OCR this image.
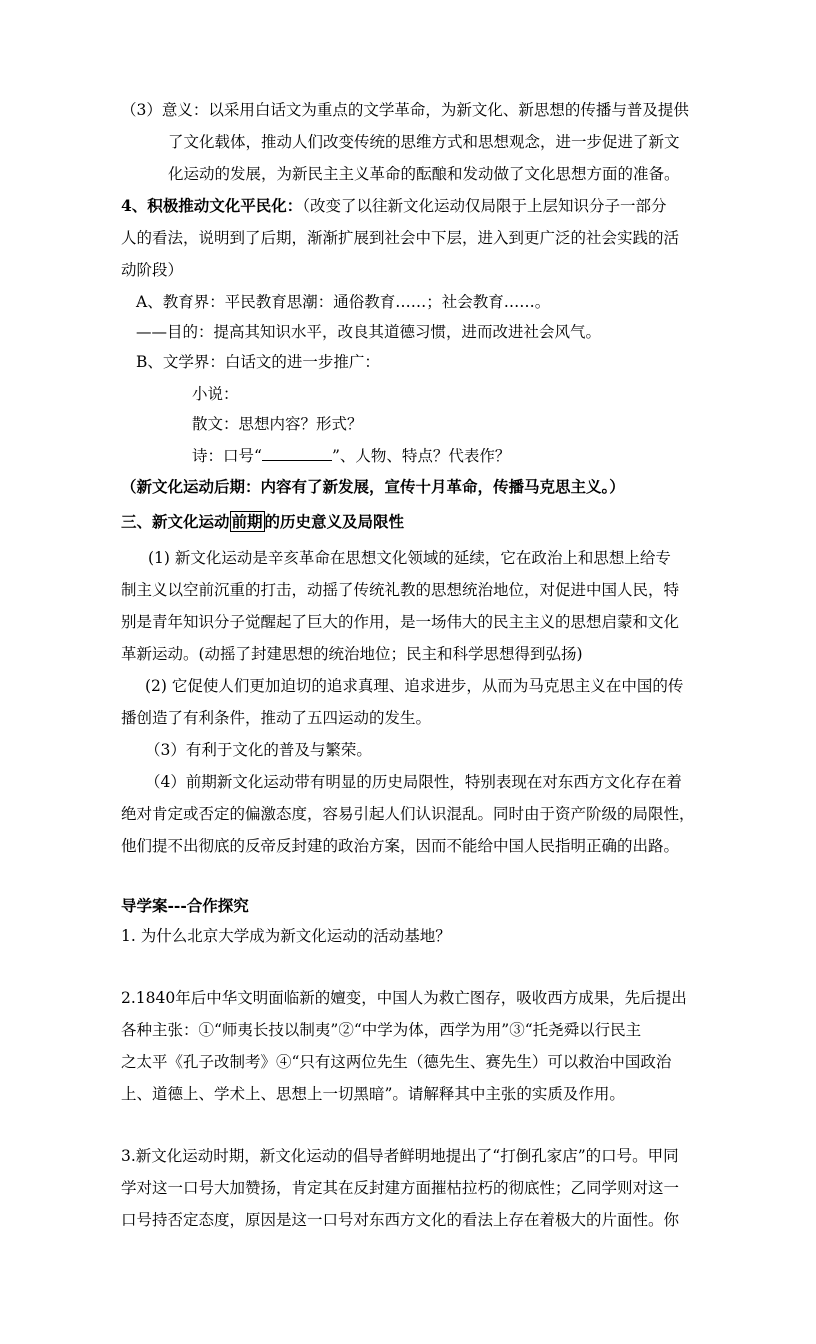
（3）意义：以采用白话文为重点的文学革命，为新文化、新思想的传播与普及提供
了文化载体，推动人们改变传统的思维方式和思想观念，进一步促进了新文
化运动的发展，为新民主主义革命的酝酿和发动做了文化思想方面的准备。
4、积极推动文化平民化：（改变了以往新文化运动仅局限于上层知识分子一部分
人的看法，说明到了后期，渐渐扩展到社会中下层，进入到更广泛的社会实践的活
动阶段）
A、教育界：平民教育思潮：通俗教育……；社会教育……。
——目的：提高其知识水平，改良其道德习惯，进而改进社会风气。
B、文学界：白话文的进一步推广：
小说：
散文：思想内容？形式？
诗：口号“	”、人物、特点？代表作？
（新文化运动后期：内容有了新发展，宣传十月革命，传播马克思主义。）
三、新文化运动 前期 的历史意义及局限性
(1) 新文化运动是辛亥革命在思想文化领域的延续，它在政治上和思想上给专
制主义以空前沉重的打击，动摇了传统礼教的思想统治地位，对促进中国人民，特
别是青年知识分子觉醒起了巨大的作用，是一场伟大的民主主义的思想启蒙和文化
革新运动。(动摇了封建思想的统治地位；民主和科学思想得到弘扬)
(2) 它促使人们更加迫切的追求真理、追求进步，从而为马克思主义在中国的传
播创造了有利条件，推动了五四运动的发生。
（3）有利于文化的普及与繁荣。
（4）前期新文化运动带有明显的历史局限性，特别表现在对东西方文化存在着
绝对肯定或否定的偏激态度，容易引起人们认识混乱。同时由于资产阶级的局限性，
他们提不出彻底的反帝反封建的政治方案，因而不能给中国人民指明正确的出路。
导学案---合作探究
1. 为什么北京大学成为新文化运动的活动基地？
2.1840年后中华文明面临新的嬗变，中国人为救亡图存，吸收西方成果，先后提出
各种主张：①“师夷长技以制夷”②“中学为体，西学为用”③“托尧舜以行民主
之太平《孔子改制考》④“只有这两位先生（德先生、赛先生）可以救治中国政治
上、道德上、学术上、思想上一切黑暗”。请解释其中主张的实质及作用。
3.新文化运动时期，新文化运动的倡导者鲜明地提出了“打倒孔家店”的口号。甲同
学对这一口号大加赞扬，肯定其在反封建方面摧枯拉朽的彻底性；乙同学则对这一
口号持否定态度，原因是这一口号对东西方文化的看法上存在着极大的片面性。你
